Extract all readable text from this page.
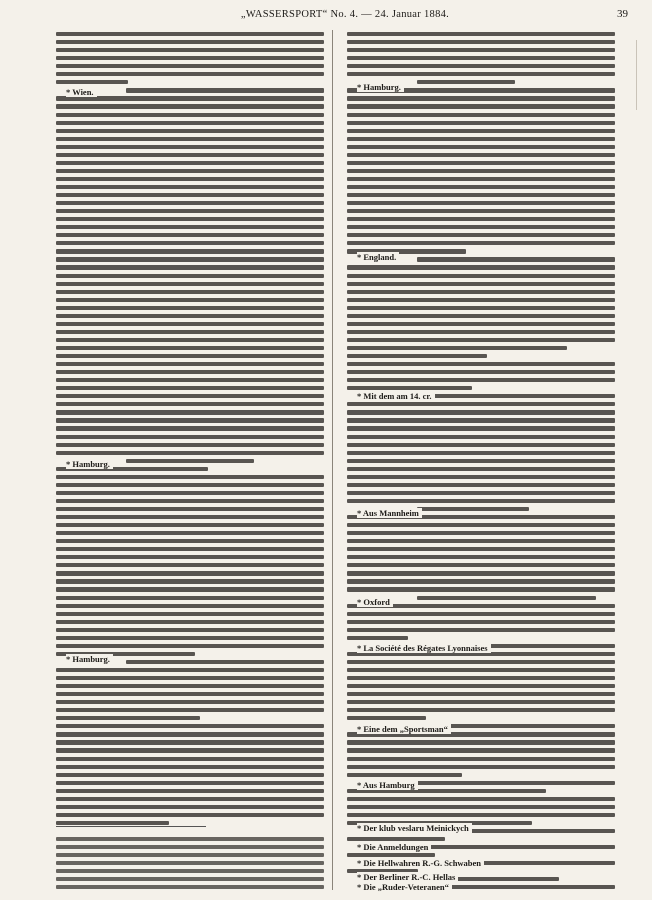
„WASSERSPORT“ No. 4. — 24. Januar 1884.	39
* Wien.
* Hamburg.
* Hamburg.
* Hamburg.
* England.
* Mit dem am 14. cr.
* Aus Mannheim
* Oxford
* La Société des Régates Lyonnaises
* Eine dem „Sportsman“
* Aus Hamburg
* Der klub veslaru Meinickych
* Die Anmeldungen
* Die Hellwahren R.-G. Schwaben
* Der Berliner R.-C. Hellas
* Die „Ruder-Veteranen“
